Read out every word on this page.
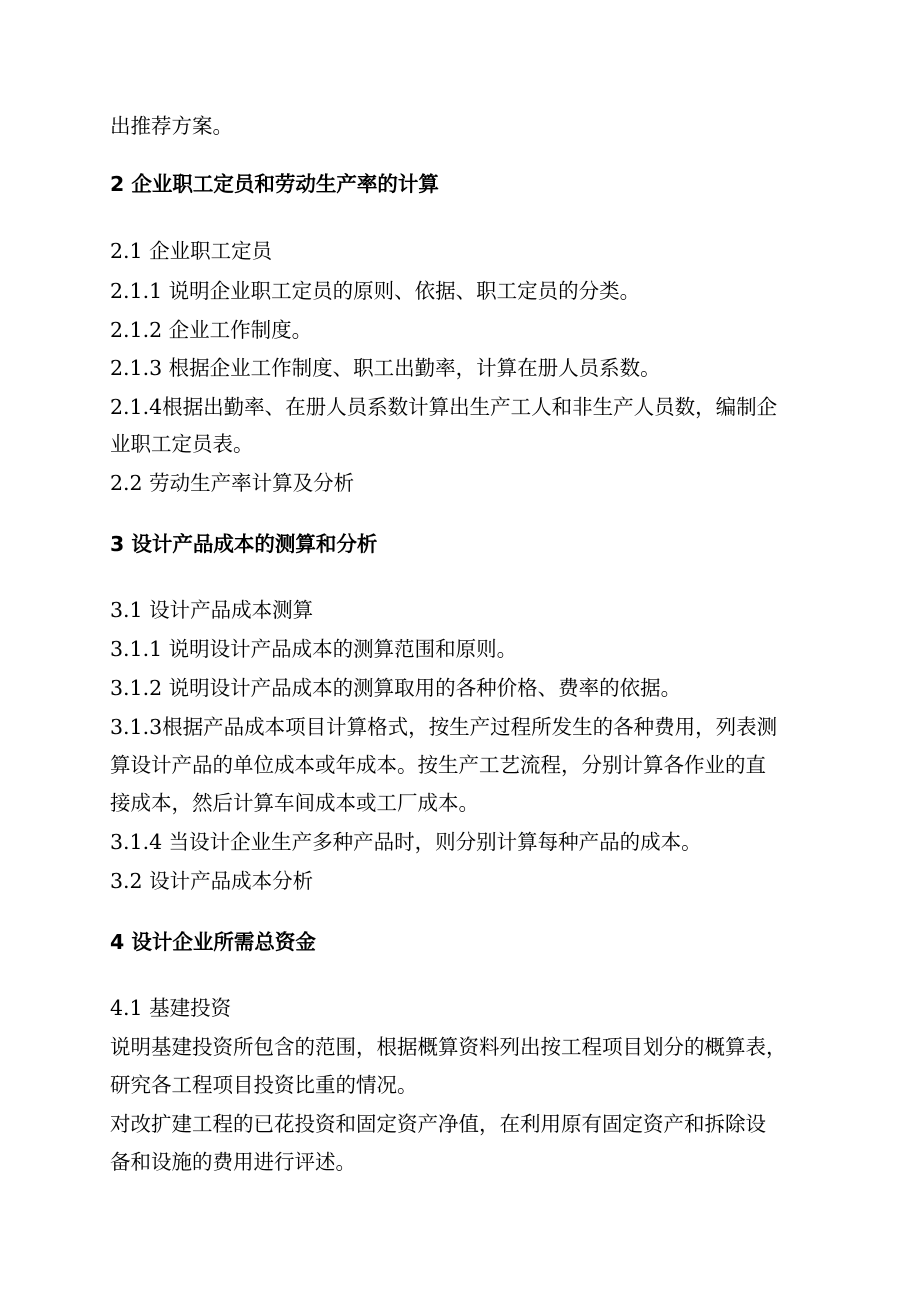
出推荐方案。
2 企业职工定员和劳动生产率的计算
2.1 企业职工定员
2.1.1 说明企业职工定员的原则、依据、职工定员的分类。
2.1.2 企业工作制度。
2.1.3 根据企业工作制度、职工出勤率，计算在册人员系数。
2.1.4根据出勤率、在册人员系数计算出生产工人和非生产人员数，编制企
业职工定员表。
2.2 劳动生产率计算及分析
3 设计产品成本的测算和分析
3.1 设计产品成本测算
3.1.1 说明设计产品成本的测算范围和原则。
3.1.2 说明设计产品成本的测算取用的各种价格、费率的依据。
3.1.3根据产品成本项目计算格式，按生产过程所发生的各种费用，列表测
算设计产品的单位成本或年成本。按生产工艺流程，分别计算各作业的直
接成本，然后计算车间成本或工厂成本。
3.1.4 当设计企业生产多种产品时，则分别计算每种产品的成本。
3.2 设计产品成本分析
4 设计企业所需总资金
4.1 基建投资
说明基建投资所包含的范围，根据概算资料列出按工程项目划分的概算表，
研究各工程项目投资比重的情况。
对改扩建工程的已花投资和固定资产净值，在利用原有固定资产和拆除设
备和设施的费用进行评述。
